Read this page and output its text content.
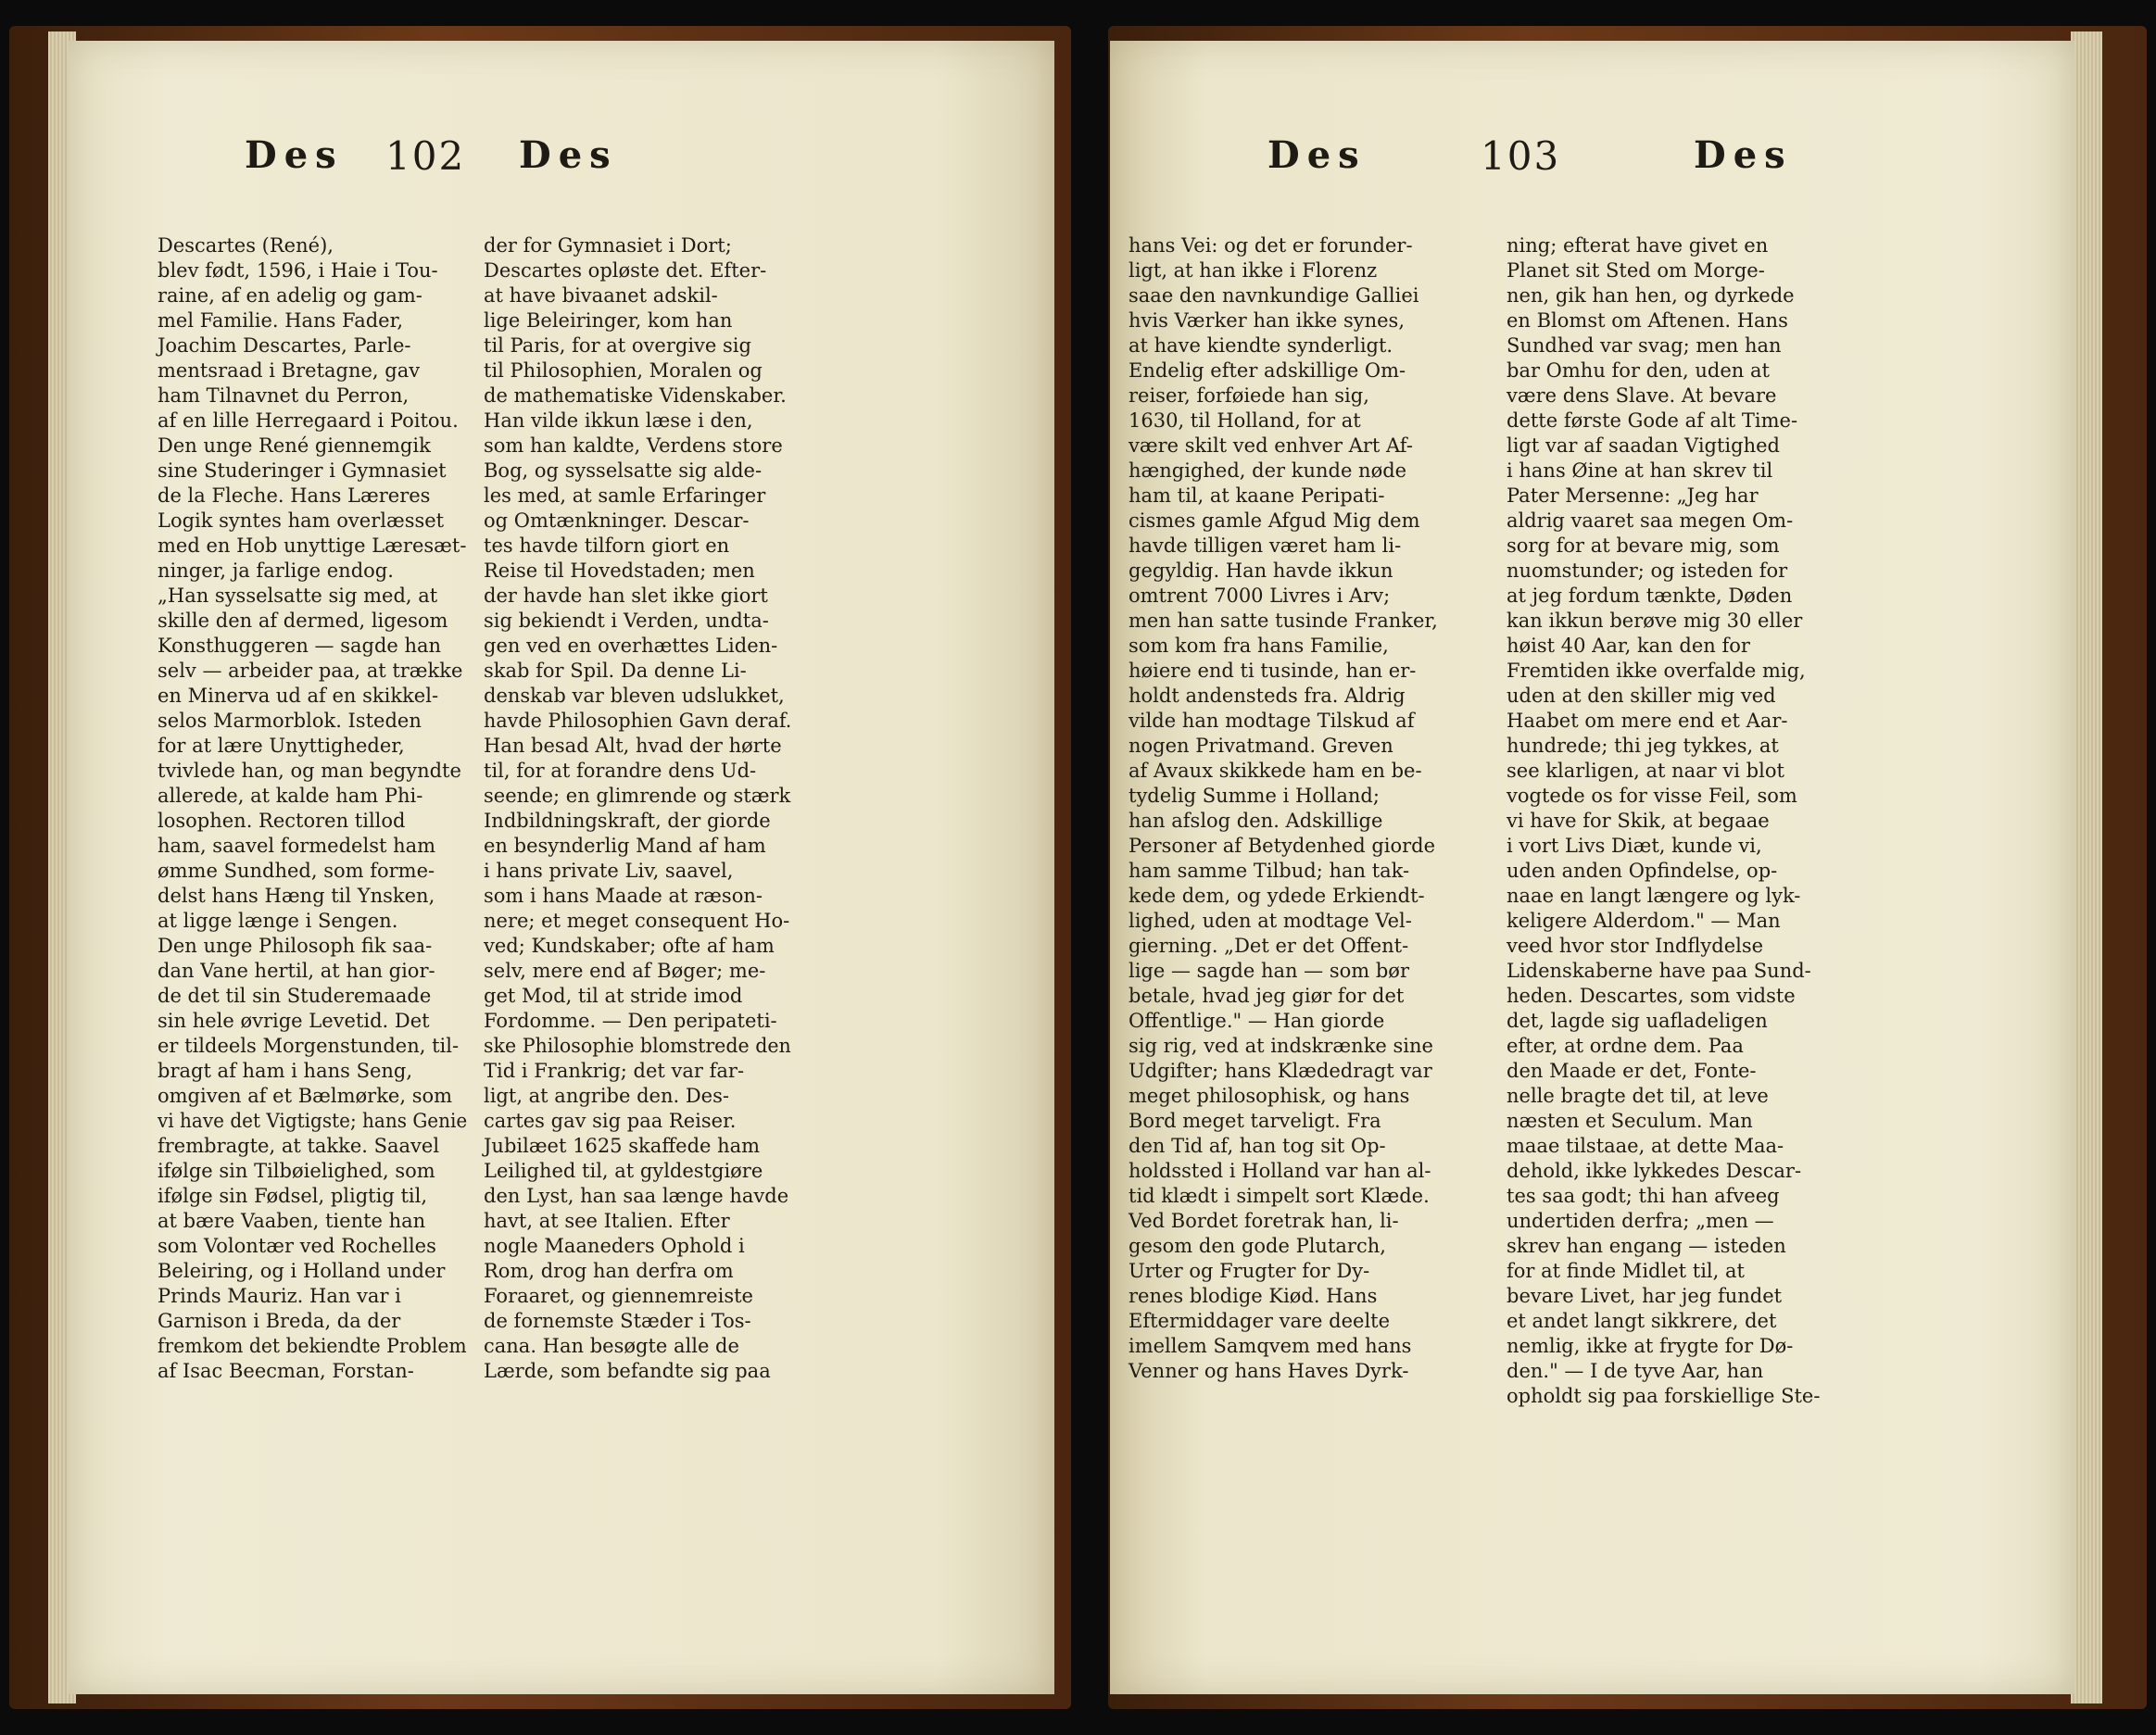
Des 102 Des
Descartes (René),
blev født, 1596, i Haie i Tou-
raine, af en adelig og gam-
mel Familie. Hans Fader,
Joachim Descartes, Parle-
mentsraad i Bretagne, gav
ham Tilnavnet du Perron,
af en lille Herregaard i Poitou.
Den unge René giennemgik
sine Studeringer i Gymnasiet
de la Fleche. Hans Læreres
Logik syntes ham overlæsset
med en Hob unyttige Læresæt-
ninger, ja farlige endog.
„Han sysselsatte sig med, at
skille den af dermed, ligesom
Konsthuggeren — sagde han
selv — arbeider paa, at trække
en Minerva ud af en skikkel-
selos Marmorblok. Isteden
for at lære Unyttigheder,
tvivlede han, og man begyndte
allerede, at kalde ham Phi-
losophen. Rectoren tillod
ham, saavel formedelst ham
ømme Sundhed, som forme-
delst hans Hæng til Ynsken,
at ligge længe i Sengen.
Den unge Philosoph fik saa-
dan Vane hertil, at han gior-
de det til sin Studeremaade
sin hele øvrige Levetid. Det
er tildeels Morgenstunden, til-
bragt af ham i hans Seng,
omgiven af et Bælmørke, som
vi have det Vigtigste; hans Genie
frembragte, at takke. Saavel
ifølge sin Tilbøielighed, som
ifølge sin Fødsel, pligtig til,
at bære Vaaben, tiente han
som Volontær ved Rochelles
Beleiring, og i Holland under
Prinds Mauriz. Han var i
Garnison i Breda, da der
fremkom det bekiendte Problem
af Isac Beecman, Forstan-
der for Gymnasiet i Dort;
Descartes opløste det. Efter-
at have bivaanet adskil-
lige Beleiringer, kom han
til Paris, for at overgive sig
til Philosophien, Moralen og
de mathematiske Videnskaber.
Han vilde ikkun læse i den,
som han kaldte, Verdens store
Bog, og sysselsatte sig alde-
les med, at samle Erfaringer
og Omtænkninger. Descar-
tes havde tilforn giort en
Reise til Hovedstaden; men
der havde han slet ikke giort
sig bekiendt i Verden, undta-
gen ved en overhættes Liden-
skab for Spil. Da denne Li-
denskab var bleven udslukket,
havde Philosophien Gavn deraf.
Han besad Alt, hvad der hørte
til, for at forandre dens Ud-
seende; en glimrende og stærk
Indbildningskraft, der giorde
en besynderlig Mand af ham
i hans private Liv, saavel,
som i hans Maade at ræson-
nere; et meget consequent Ho-
ved; Kundskaber; ofte af ham
selv, mere end af Bøger; me-
get Mod, til at stride imod
Fordomme. — Den peripateti-
ske Philosophie blomstrede den
Tid i Frankrig; det var far-
ligt, at angribe den. Des-
cartes gav sig paa Reiser.
Jubilæet 1625 skaffede ham
Leilighed til, at gyldestgiøre
den Lyst, han saa længe havde
havt, at see Italien. Efter
nogle Maaneders Ophold i
Rom, drog han derfra om
Foraaret, og giennemreiste
de fornemste Stæder i Tos-
cana. Han besøgte alle de
Lærde, som befandte sig paa
Des	103	Des
hans Vei: og det er forunder-
ligt, at han ikke i Florenz
saae den navnkundige Galliei
hvis Værker han ikke synes,
at have kiendte synderligt.
Endelig efter adskillige Om-
reiser, forføiede han sig,
1630, til Holland, for at
være skilt ved enhver Art Af-
hængighed, der kunde nøde
ham til, at kaane Peripati-
cismes gamle Afgud Mig dem
havde tilligen været ham li-
gegyldig. Han havde ikkun
omtrent 7000 Livres i Arv;
men han satte tusinde Franker,
som kom fra hans Familie,
høiere end ti tusinde, han er-
holdt andensteds fra. Aldrig
vilde han modtage Tilskud af
nogen Privatmand. Greven
af Avaux skikkede ham en be-
tydelig Summe i Holland;
han afslog den. Adskillige
Personer af Betydenhed giorde
ham samme Tilbud; han tak-
kede dem, og ydede Erkiendt-
lighed, uden at modtage Vel-
gierning. „Det er det Offent-
lige — sagde han — som bør
betale, hvad jeg giør for det
Offentlige." — Han giorde
sig rig, ved at indskrænke sine
Udgifter; hans Klædedragt var
meget philosophisk, og hans
Bord meget tarveligt. Fra
den Tid af, han tog sit Op-
holdssted i Holland var han al-
tid klædt i simpelt sort Klæde.
Ved Bordet foretrak han, li-
gesom den gode Plutarch,
Urter og Frugter for Dy-
renes blodige Kiød. Hans
Eftermiddager vare deelte
imellem Samqvem med hans
Venner og hans Haves Dyrk-
ning; efterat have givet en
Planet sit Sted om Morge-
nen, gik han hen, og dyrkede
en Blomst om Aftenen. Hans
Sundhed var svag; men han
bar Omhu for den, uden at
være dens Slave. At bevare
dette første Gode af alt Time-
ligt var af saadan Vigtighed
i hans Øine at han skrev til
Pater Mersenne: „Jeg har
aldrig vaaret saa megen Om-
sorg for at bevare mig, som
nuomstunder; og isteden for
at jeg fordum tænkte, Døden
kan ikkun berøve mig 30 eller
høist 40 Aar, kan den for
Fremtiden ikke overfalde mig,
uden at den skiller mig ved
Haabet om mere end et Aar-
hundrede; thi jeg tykkes, at
see klarligen, at naar vi blot
vogtede os for visse Feil, som
vi have for Skik, at begaae
i vort Livs Diæt, kunde vi,
uden anden Opfindelse, op-
naae en langt længere og lyk-
keligere Alderdom." — Man
veed hvor stor Indflydelse
Lidenskaberne have paa Sund-
heden. Descartes, som vidste
det, lagde sig uafladeligen
efter, at ordne dem. Paa
den Maade er det, Fonte-
nelle bragte det til, at leve
næsten et Seculum. Man
maae tilstaae, at dette Maa-
dehold, ikke lykkedes Descar-
tes saa godt; thi han afveeg
undertiden derfra; „men —
skrev han engang — isteden
for at finde Midlet til, at
bevare Livet, har jeg fundet
et andet langt sikkrere, det
nemlig, ikke at frygte for Dø-
den." — I de tyve Aar, han
opholdt sig paa forskiellige Ste-
